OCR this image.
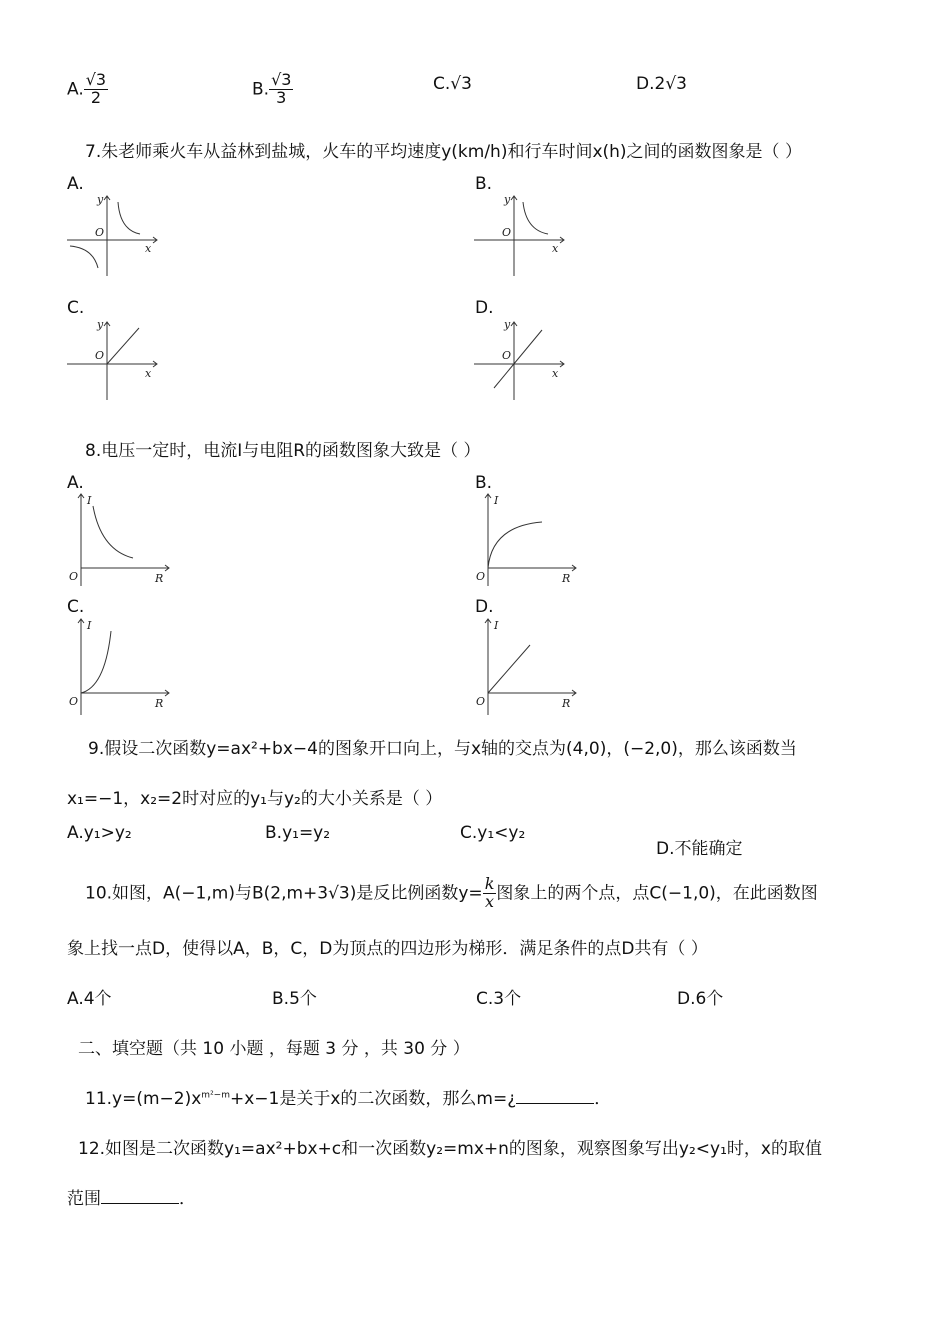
A. $\frac{√3}{2}$	B. $\frac{√3}{3}$	C.√3	D.2√3
7.朱老师乘火车从益林到盐城，火车的平均速度y(km/h)和行车时间x(h)之间的函数图象是（ ）
A.	B.
C.	D.
y
O
x
y
O
x
y
O
x
y
O
x
8.电压一定时，电流I与电阻R的函数图象大致是（ ）
A.	B.
C.	D.
I
O	R
I
O	R
I
O	R
I
O	R
9.假设二次函数y=ax²+bx−4的图象开口向上，与x轴的交点为(4,0)，(−2,0)，那么该函数当
x₁=−1，x₂=2时对应的y₁与y₂的大小关系是（ ）
A.y₁>y₂	B.y₁=y₂	C.y₁<y₂
D.不能确定
10.如图，A(−1,m)与B(2,m+3√3)是反比例函数$y= \frac{k}{x}$ 图象上的两个点，点C(−1,0)，在此函数图
象上找一点D，使得以A，B，C，D为顶点的四边形为梯形．满足条件的点D共有（ ）
A.4个	B.5个	C.3个	D.6个
二、填空题（共 10 小题 ，每题 3 分 ，共 30 分 ）
$11.y=(m-2)x^{m^2-m}+x-1$是关于x的二次函数，那么m=¿	．
12.如图是二次函数y₁=ax²+bx+c和一次函数y₂=mx+n的图象，观察图象写出y₂<y₁时，x的取值
范围	．
